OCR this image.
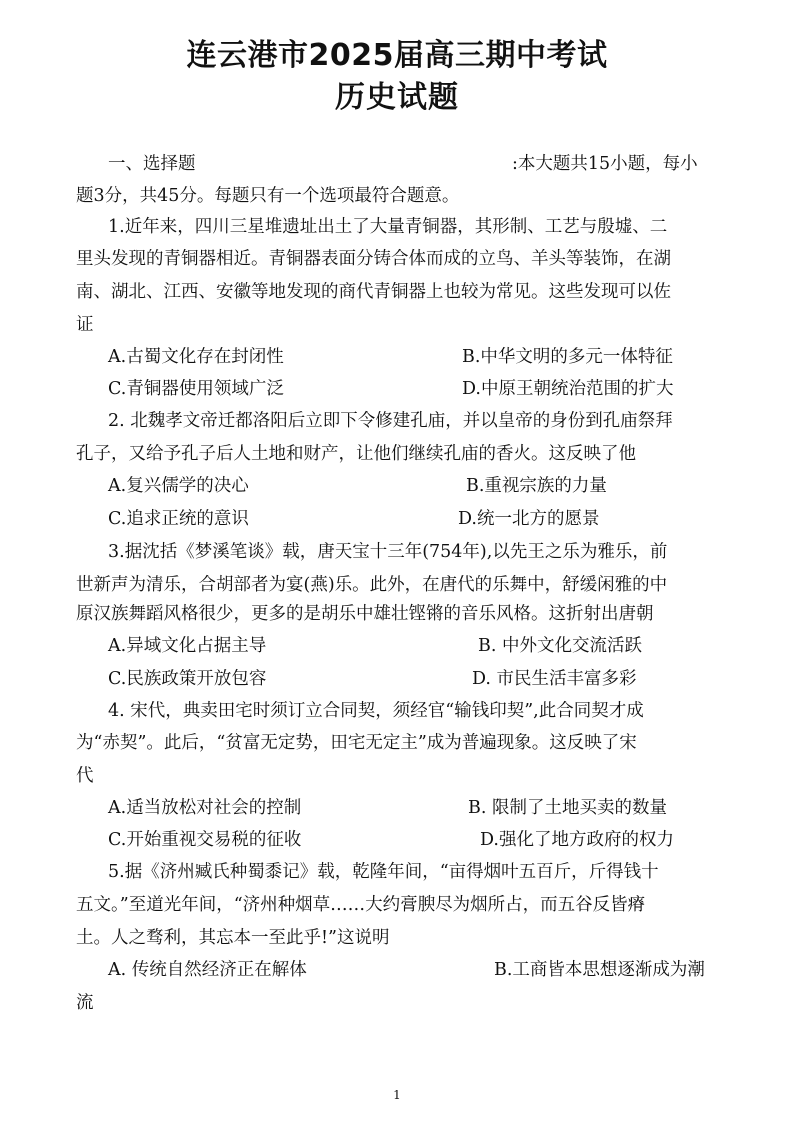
连云港市2025届高三期中考试
历史试题
一、选择题	:本大题共15小题，每小
题3分，共45分。每题只有一个选项最符合题意。
1.近年来，四川三星堆遗址出土了大量青铜器，其形制、工艺与殷墟、二
里头发现的青铜器相近。青铜器表面分铸合体而成的立鸟、羊头等装饰，在湖
南、湖北、江西、安徽等地发现的商代青铜器上也较为常见。这些发现可以佐
证
A.古蜀文化存在封闭性	B.中华文明的多元一体特征
C.青铜器使用领域广泛	D.中原王朝统治范围的扩大
2. 北魏孝文帝迁都洛阳后立即下令修建孔庙，并以皇帝的身份到孔庙祭拜
孔子，又给予孔子后人土地和财产，让他们继续孔庙的香火。这反映了他
A.复兴儒学的决心	B.重视宗族的力量
C.追求正统的意识	D.统一北方的愿景
3.据沈括《梦溪笔谈》载，唐天宝十三年(754年),以先王之乐为雅乐，前
世新声为清乐，合胡部者为宴(燕)乐。此外，在唐代的乐舞中，舒缓闲雅的中
原汉族舞蹈风格很少，更多的是胡乐中雄壮铿锵的音乐风格。这折射出唐朝
A.异域文化占据主导	B. 中外文化交流活跃
C.民族政策开放包容	D. 市民生活丰富多彩
4. 宋代，典卖田宅时须订立合同契，须经官“输钱印契”,此合同契才成
为“赤契”。此后，“贫富无定势，田宅无定主”成为普遍现象。这反映了宋
代
A.适当放松对社会的控制	B. 限制了土地买卖的数量
C.开始重视交易税的征收	D.强化了地方政府的权力
5.据《济州臧氏种蜀黍记》载，乾隆年间，“亩得烟叶五百斤，斤得钱十
五文。”至道光年间，“济州种烟草……大约膏腴尽为烟所占，而五谷反皆瘠
土。人之骛利，其忘本一至此乎!”这说明
A. 传统自然经济正在解体	B.工商皆本思想逐渐成为潮
流
1
